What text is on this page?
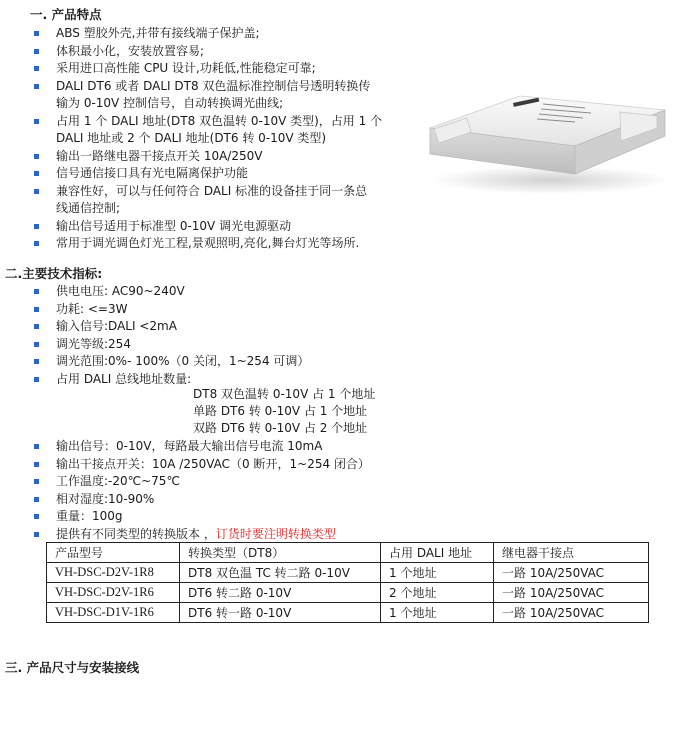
一. 产品特点
ABS 塑胶外壳,并带有接线端子保护盖;
体积最小化，安装放置容易;
采用进口高性能 CPU 设计,功耗低,性能稳定可靠;
DALI DT6 或者 DALI DT8 双色温标准控制信号透明转换传
输为 0-10V 控制信号，自动转换调光曲线;
占用 1 个 DALI 地址(DT8 双色温转 0-10V 类型)，占用 1 个
DALI 地址或 2 个 DALI 地址(DT6 转 0-10V 类型)
输出一路继电器干接点开关 10A/250V
信号通信接口具有光电隔离保护功能
兼容性好，可以与任何符合 DALI 标准的设备挂于同一条总
线通信控制;
输出信号适用于标准型 0-10V 调光电源驱动
常用于调光调色灯光工程,景观照明,亮化,舞台灯光等场所.
二.主要技术指标:
供电电压: AC90~240V
功耗: <=3W
输入信号:DALI <2mA
调光等级:254
调光范围:0%- 100%（0 关闭，1~254 可调）
占用 DALI 总线地址数量:
DT8 双色温转 0-10V 占 1 个地址
单路 DT6 转 0-10V 占 1 个地址
双路 DT6 转 0-10V 占 2 个地址
输出信号：0-10V，每路最大输出信号电流 10mA
输出干接点开关：10A /250VAC（0 断开，1~254 闭合）
工作温度:-20℃~75℃
相对湿度:10-90%
重量：100g
提供有不同类型的转换版本 ，订货时要注明转换类型
产品型号	转换类型（DT8）	占用 DALI 地址	继电器干接点
VH-DSC-D2V-1R8	DT8 双色温 TC 转二路 0-10V	1 个地址	一路 10A/250VAC
VH-DSC-D2V-1R6	DT6 转二路 0-10V	2 个地址	一路 10A/250VAC
VH-DSC-D1V-1R6	DT6 转一路 0-10V	1 个地址	一路 10A/250VAC
三. 产品尺寸与安装接线
